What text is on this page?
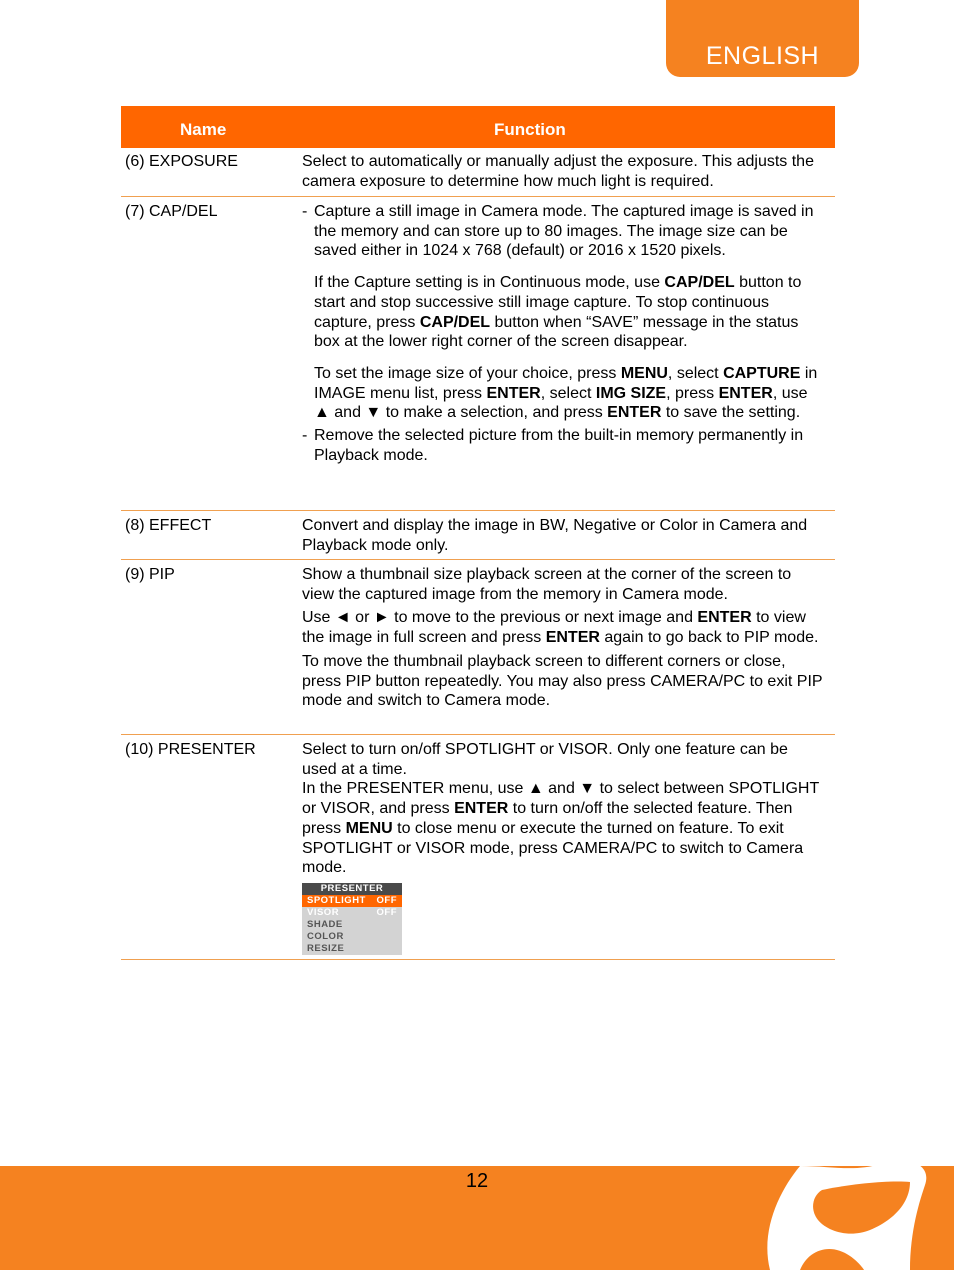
ENGLISH
Name	Function
(6) EXPOSURE	Select to automatically or manually adjust the exposure. This adjusts the camera exposure to determine how much light is required.

(7) CAP/DEL	- Capture a still image in Camera mode. The captured image is saved in the memory and can store up to 80 images. The image size can be saved either in 1024 x 768 (default) or 2016 x 1520 pixels.

If the Capture setting is in Continuous mode, use CAP/DEL button to start and stop successive still image capture. To stop continuous capture, press CAP/DEL button when “SAVE” message in the status box at the lower right corner of the screen disappear.

To set the image size of your choice, press MENU, select CAPTURE in IMAGE menu list, press ENTER, select IMG SIZE, press ENTER, use ▲ and ▼ to make a selection, and press ENTER to save the setting.

- Remove the selected picture from the built-in memory permanently in Playback mode.

(8) EFFECT	Convert and display the image in BW, Negative or Color in Camera and Playback mode only.

(9) PIP	Show a thumbnail size playback screen at the corner of the screen to view the captured image from the memory in Camera mode.

Use ◄ or ► to move to the previous or next image and ENTER to view the image in full screen and press ENTER again to go back to PIP mode.

To move the thumbnail playback screen to different corners or close, press PIP button repeatedly. You may also press CAMERA/PC to exit PIP mode and switch to Camera mode.

(10) PRESENTER	Select to turn on/off SPOTLIGHT or VISOR. Only one feature can be used at a time.

In the PRESENTER menu, use ▲ and ▼ to select between SPOTLIGHT or VISOR, and press ENTER to turn on/off the selected feature. Then press MENU to close menu or execute the turned on feature. To exit SPOTLIGHT or VISOR mode, press CAMERA/PC to switch to Camera mode.

PRESENTER
SPOTLIGHT OFF
VISOR	OFF
SHADE
COLOR
RESIZE
12
